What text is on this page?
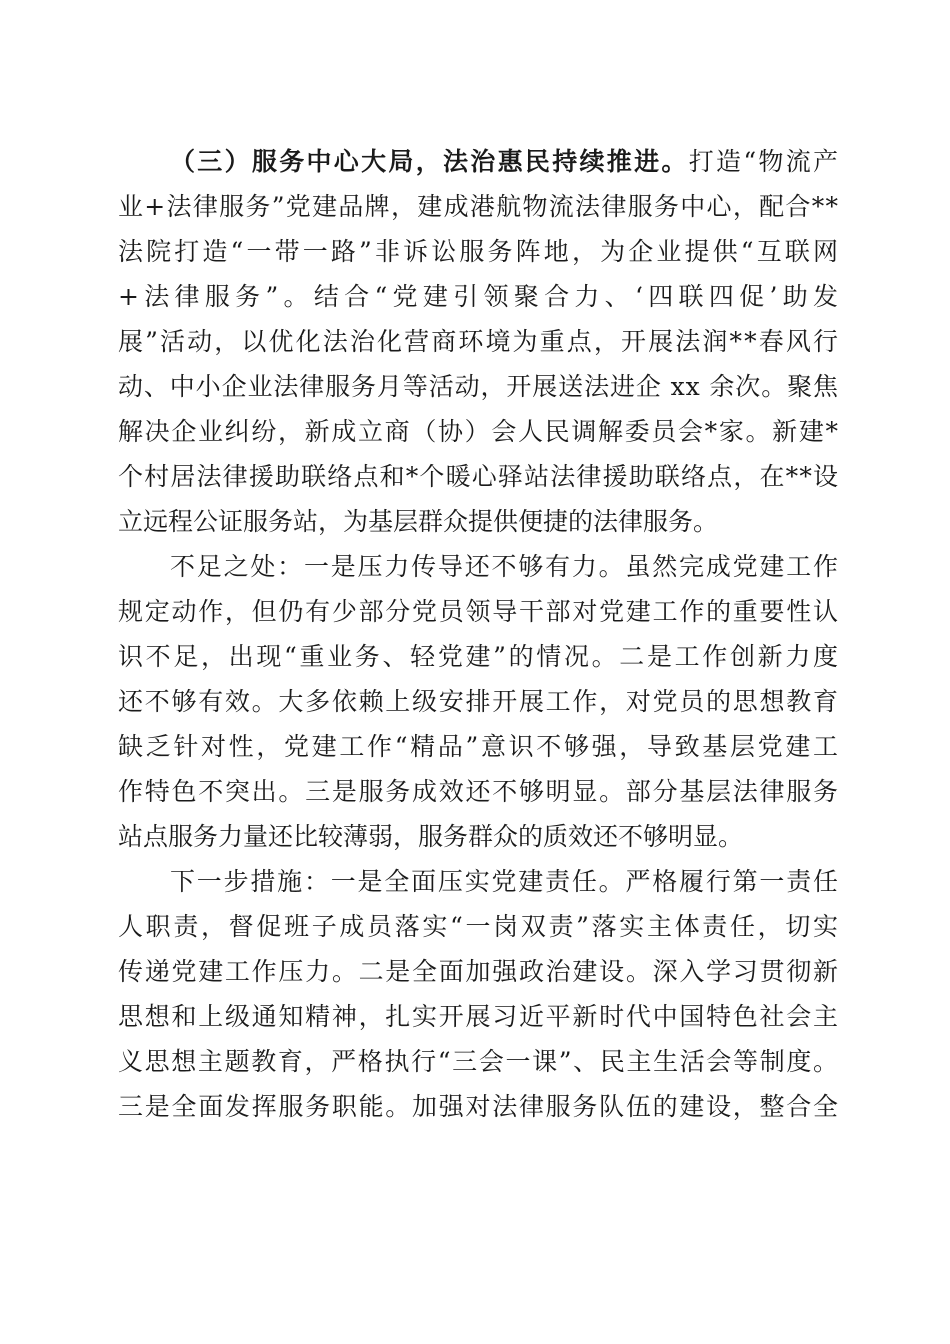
（三）服务中心大局，法治惠民持续推进。打造“物流产
业+法律服务”党建品牌，建成港航物流法律服务中心，配合**
法院打造“一带一路”非诉讼服务阵地，为企业提供“互联网
+法律服务”。结合“党建引领聚合力、‘四联四促’助发
展”活动，以优化法治化营商环境为重点，开展法润**春风行
动、中小企业法律服务月等活动，开展送法进企 xx 余次。聚焦
解决企业纠纷，新成立商（协）会人民调解委员会*家。新建*
个村居法律援助联络点和*个暖心驿站法律援助联络点，在**设
立远程公证服务站，为基层群众提供便捷的法律服务。
不足之处：一是压力传导还不够有力。虽然完成党建工作
规定动作，但仍有少部分党员领导干部对党建工作的重要性认
识不足，出现“重业务、轻党建”的情况。二是工作创新力度
还不够有效。大多依赖上级安排开展工作，对党员的思想教育
缺乏针对性，党建工作“精品”意识不够强，导致基层党建工
作特色不突出。三是服务成效还不够明显。部分基层法律服务
站点服务力量还比较薄弱，服务群众的质效还不够明显。
下一步措施：一是全面压实党建责任。严格履行第一责任
人职责，督促班子成员落实“一岗双责”落实主体责任，切实
传递党建工作压力。二是全面加强政治建设。深入学习贯彻新
思想和上级通知精神，扎实开展习近平新时代中国特色社会主
义思想主题教育，严格执行“三会一课”、民主生活会等制度。
三是全面发挥服务职能。加强对法律服务队伍的建设，整合全
